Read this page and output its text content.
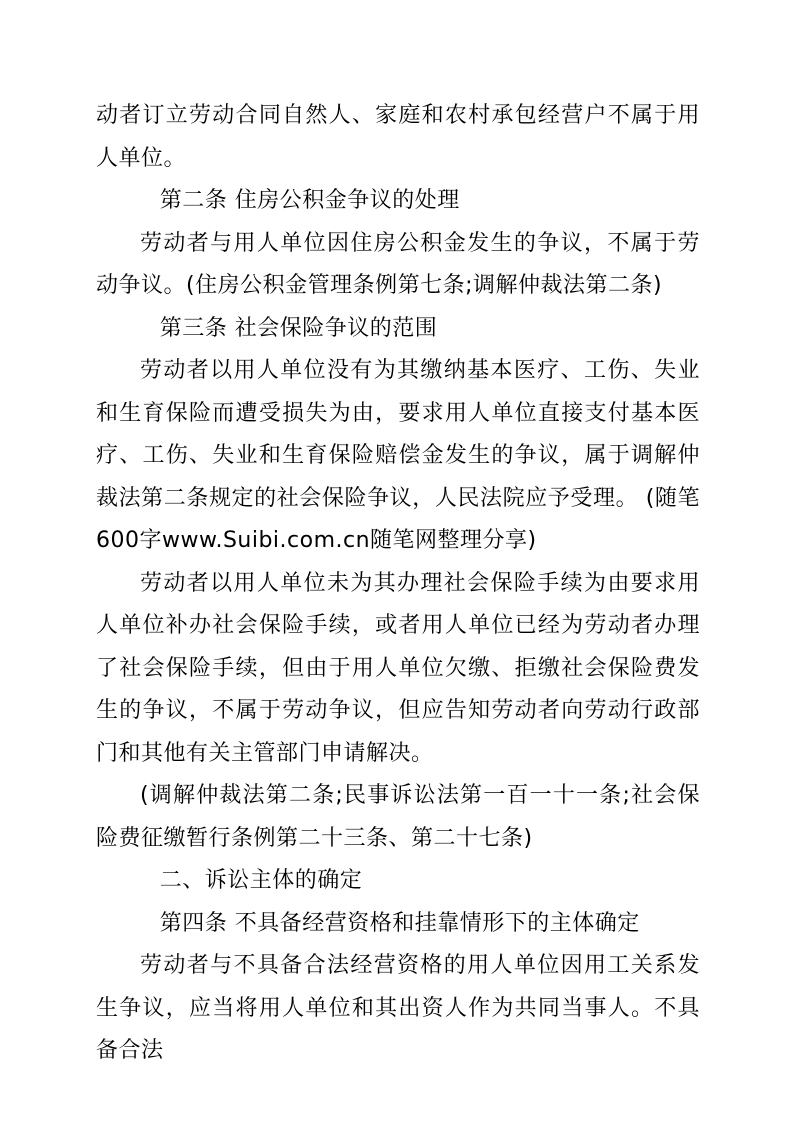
动者订立劳动合同自然人、家庭和农村承包经营户不属于用人单位。

第二条 住房公积金争议的处理

劳动者与用人单位因住房公积金发生的争议，不属于劳动争议。(住房公积金管理条例第七条;调解仲裁法第二条)

第三条 社会保险争议的范围

劳动者以用人单位没有为其缴纳基本医疗、工伤、失业和生育保险而遭受损失为由，要求用人单位直接支付基本医疗、工伤、失业和生育保险赔偿金发生的争议，属于调解仲裁法第二条规定的社会保险争议，人民法院应予受理。 (随笔600字www.Suibi.com.cn随笔网整理分享)

劳动者以用人单位未为其办理社会保险手续为由要求用人单位补办社会保险手续，或者用人单位已经为劳动者办理了社会保险手续，但由于用人单位欠缴、拒缴社会保险费发生的争议，不属于劳动争议，但应告知劳动者向劳动行政部门和其他有关主管部门申请解决。

(调解仲裁法第二条;民事诉讼法第一百一十一条;社会保险费征缴暂行条例第二十三条、第二十七条)

二、诉讼主体的确定

第四条 不具备经营资格和挂靠情形下的主体确定

劳动者与不具备合法经营资格的用人单位因用工关系发生争议，应当将用人单位和其出资人作为共同当事人。不具备合法
